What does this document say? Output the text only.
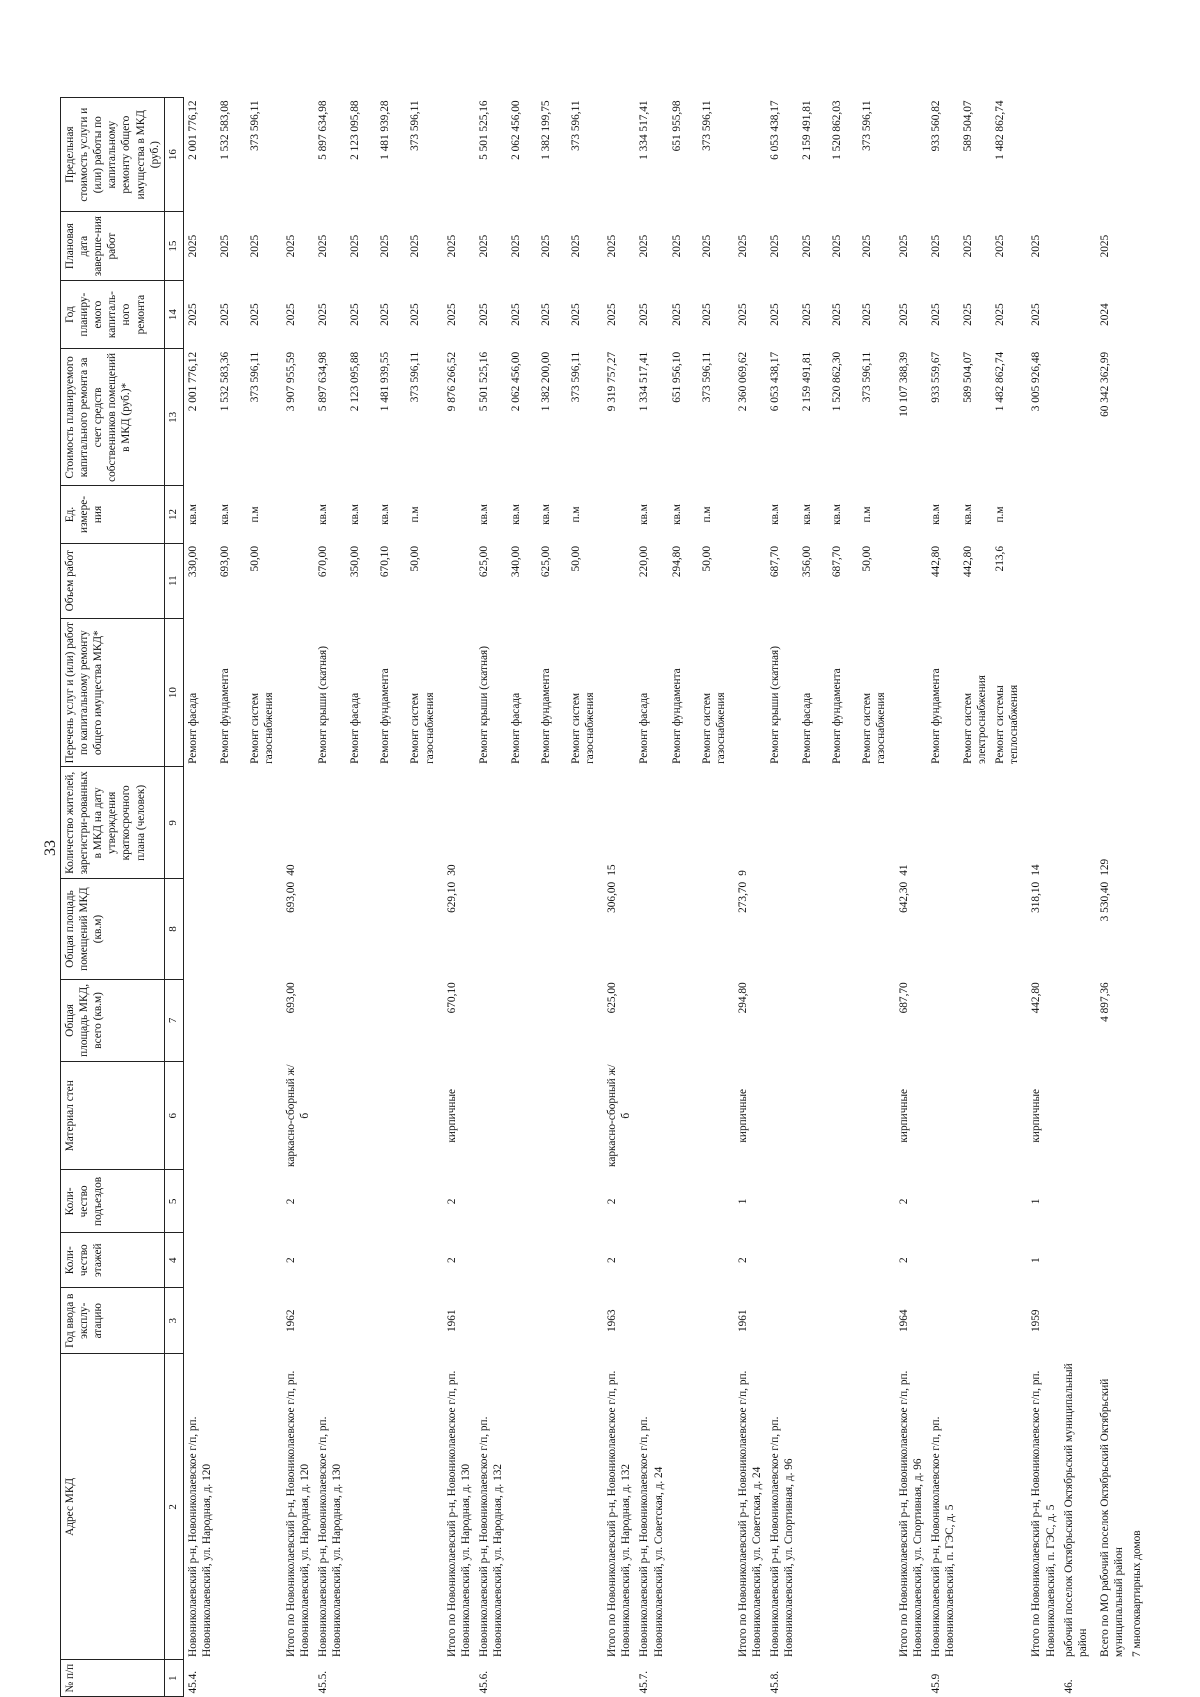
33
№ п/п	Адрес МКД	Год ввода в эксплу-атацию	Коли-чество этажей	Коли-чество подъездов	Материал стен	Общая площадь МКД, всего (кв.м)	Общая площадь помещений МКД (кв.м)	Количество жителей, зарегистри-рованных в МКД на дату утверждения краткосрочного плана (человек)	Перечень услуг и (или) работ по капитальному ремонту общего имущества МКД*	Объем работ	Ед. измере-ния	Стоимость планируемого капитального ремонта за счет средств собственников помещений в МКД (руб.)*	Год планиру-емого капиталь-ного ремонта	Плановая дата заверше-ния работ	Предельная стоимость услуги и (или) работы по капитальному ремонту общего имущества в МКД (руб.)
1	2	3	4	5	6	7	8	9	10	11	12	13	14	15	16
45.4.	Новониколаевский р-н, Новониколаевское г/п, рп. Новониколаевский, ул. Народная, д. 120								Ремонт фасада	330,00	кв.м	2 001 776,12	2025	2025	2 001 776,12
									Ремонт фундамента	693,00	кв.м	1 532 583,36	2025	2025	1 532 583,08
									Ремонт систем газоснабжения	50,00	п.м	373 596,11	2025	2025	373 596,11
	Итого по Новониколаевский р-н, Новониколаевское г/п, рп. Новониколаевский, ул. Народная, д. 120	1962	2	2	каркасно-сборный ж/б	693,00	693,00	40				3 907 955,59	2025	2025	
45.5.	Новониколаевский р-н, Новониколаевское г/п, рп. Новониколаевский, ул. Народная, д. 130								Ремонт крыши (скатная)	670,00	кв.м	5 897 634,98	2025	2025	5 897 634,98
									Ремонт фасада	350,00	кв.м	2 123 095,88	2025	2025	2 123 095,88
									Ремонт фундамента	670,10	кв.м	1 481 939,55	2025	2025	1 481 939,28
									Ремонт систем газоснабжения	50,00	п.м	373 596,11	2025	2025	373 596,11
	Итого по Новониколаевский р-н, Новониколаевское г/п, рп. Новониколаевский, ул. Народная, д. 130	1961	2	2	кирпичные	670,10	629,10	30				9 876 266,52	2025	2025	
45.6.	Новониколаевский р-н, Новониколаевское г/п, рп. Новониколаевский, ул. Народная, д. 132								Ремонт крыши (скатная)	625,00	кв.м	5 501 525,16	2025	2025	5 501 525,16
									Ремонт фасада	340,00	кв.м	2 062 456,00	2025	2025	2 062 456,00
									Ремонт фундамента	625,00	кв.м	1 382 200,00	2025	2025	1 382 199,75
									Ремонт систем газоснабжения	50,00	п.м	373 596,11	2025	2025	373 596,11
	Итого по Новониколаевский р-н, Новониколаевское г/п, рп. Новониколаевский, ул. Народная, д. 132	1963	2	2	каркасно-сборный ж/б	625,00	306,00	15				9 319 757,27	2025	2025	
45.7.	Новониколаевский р-н, Новониколаевское г/п, рп. Новониколаевский, ул. Советская, д. 24								Ремонт фасада	220,00	кв.м	1 334 517,41	2025	2025	1 334 517,41
									Ремонт фундамента	294,80	кв.м	651 956,10	2025	2025	651 955,98
									Ремонт систем газоснабжения	50,00	п.м	373 596,11	2025	2025	373 596,11
	Итого по Новониколаевский р-н, Новониколаевское г/п, рп. Новониколаевский, ул. Советская, д. 24	1961	2	1	кирпичные	294,80	273,70	9				2 360 069,62	2025	2025	
45.8.	Новониколаевский р-н, Новониколаевское г/п, рп. Новониколаевский, ул. Спортивная, д. 96								Ремонт крыши (скатная)	687,70	кв.м	6 053 438,17	2025	2025	6 053 438,17
									Ремонт фасада	356,00	кв.м	2 159 491,81	2025	2025	2 159 491,81
									Ремонт фундамента	687,70	кв.м	1 520 862,30	2025	2025	1 520 862,03
									Ремонт систем газоснабжения	50,00	п.м	373 596,11	2025	2025	373 596,11
	Итого по Новониколаевский р-н, Новониколаевское г/п, рп. Новониколаевский, ул. Спортивная, д. 96	1964	2	2	кирпичные	687,70	642,30	41				10 107 388,39	2025	2025	
45.9	Новониколаевский р-н, Новониколаевское г/п, рп. Новониколаевский, п. ГЭС, д. 5								Ремонт фундамента	442,80	кв.м	933 559,67	2025	2025	933 560,82
									Ремонт систем электроснабжения	442,80	кв.м	589 504,07	2025	2025	589 504,07
									Ремонт системы теплоснабжения	213,6	п.м	1 482 862,74	2025	2025	1 482 862,74
	Итого по Новониколаевский р-н, Новониколаевское г/п, рп. Новониколаевский, п. ГЭС, д. 5	1959	1	1	кирпичные	442,80	318,10	14				3 005 926,48	2025	2025	
46.	рабочий поселок Октябрьский Октябрьский муниципальный район														
	Всего по МО рабочий поселок Октябрьский Октябрьский муниципальный район					4 897,36	3 530,40	129				60 342 362,99	2024	2025	
	7 многоквартирных домов														
